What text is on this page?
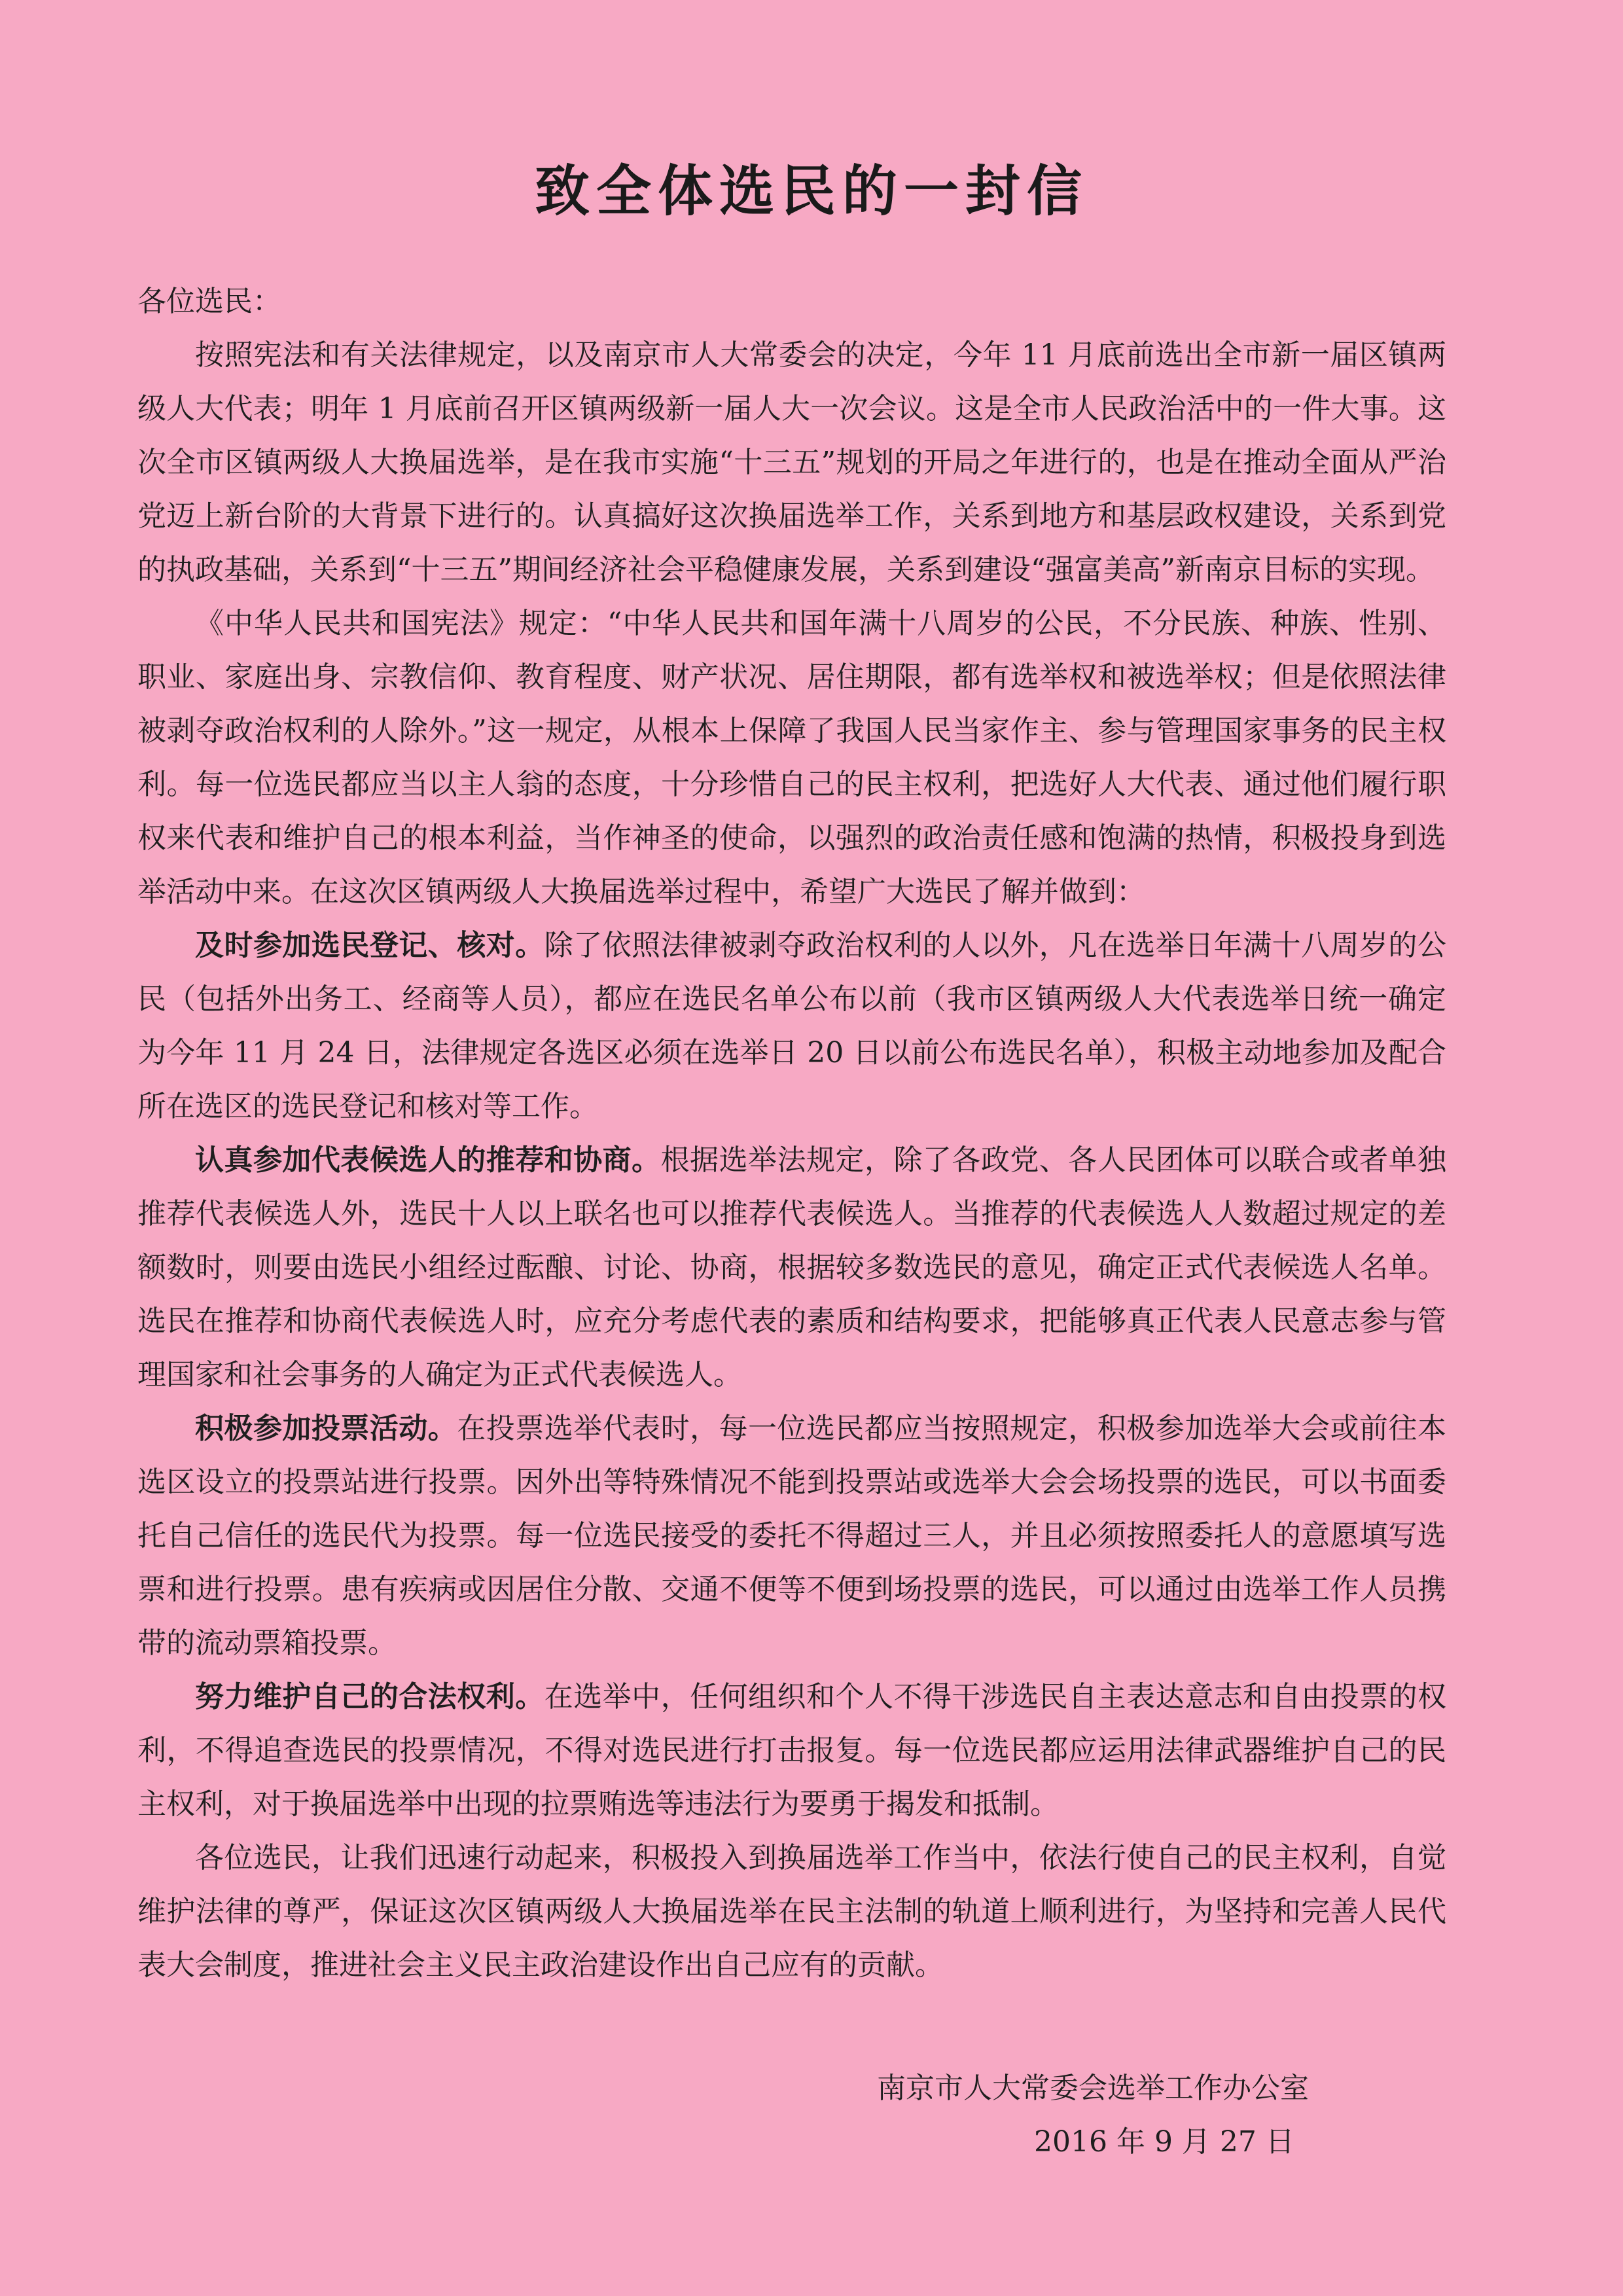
致全体选民的一封信

各位选民：

按照宪法和有关法律规定，以及南京市人大常委会的决定，今年 11 月底前选出全市新一届区镇两级人大代表；明年 1 月底前召开区镇两级新一届人大一次会议。这是全市人民政治活中的一件大事。这次全市区镇两级人大换届选举，是在我市实施“十三五”规划的开局之年进行的，也是在推动全面从严治党迈上新台阶的大背景下进行的。认真搞好这次换届选举工作，关系到地方和基层政权建设，关系到党的执政基础，关系到“十三五”期间经济社会平稳健康发展，关系到建设“强富美高”新南京目标的实现。

《中华人民共和国宪法》规定：“中华人民共和国年满十八周岁的公民，不分民族、种族、性别、职业、家庭出身、宗教信仰、教育程度、财产状况、居住期限，都有选举权和被选举权；但是依照法律被剥夺政治权利的人除外。”这一规定，从根本上保障了我国人民当家作主、参与管理国家事务的民主权利。每一位选民都应当以主人翁的态度，十分珍惜自己的民主权利，把选好人大代表、通过他们履行职权来代表和维护自己的根本利益，当作神圣的使命，以强烈的政治责任感和饱满的热情，积极投身到选举活动中来。在这次区镇两级人大换届选举过程中，希望广大选民了解并做到：

及时参加选民登记、核对。除了依照法律被剥夺政治权利的人以外，凡在选举日年满十八周岁的公民（包括外出务工、经商等人员），都应在选民名单公布以前（我市区镇两级人大代表选举日统一确定为今年 11 月 24 日，法律规定各选区必须在选举日 20 日以前公布选民名单），积极主动地参加及配合所在选区的选民登记和核对等工作。

认真参加代表候选人的推荐和协商。根据选举法规定，除了各政党、各人民团体可以联合或者单独推荐代表候选人外，选民十人以上联名也可以推荐代表候选人。当推荐的代表候选人人数超过规定的差额数时，则要由选民小组经过酝酿、讨论、协商，根据较多数选民的意见，确定正式代表候选人名单。选民在推荐和协商代表候选人时，应充分考虑代表的素质和结构要求，把能够真正代表人民意志参与管理国家和社会事务的人确定为正式代表候选人。

积极参加投票活动。在投票选举代表时，每一位选民都应当按照规定，积极参加选举大会或前往本选区设立的投票站进行投票。因外出等特殊情况不能到投票站或选举大会会场投票的选民，可以书面委托自己信任的选民代为投票。每一位选民接受的委托不得超过三人，并且必须按照委托人的意愿填写选票和进行投票。患有疾病或因居住分散、交通不便等不便到场投票的选民，可以通过由选举工作人员携带的流动票箱投票。

努力维护自己的合法权利。在选举中，任何组织和个人不得干涉选民自主表达意志和自由投票的权利，不得追查选民的投票情况，不得对选民进行打击报复。每一位选民都应运用法律武器维护自己的民主权利，对于换届选举中出现的拉票贿选等违法行为要勇于揭发和抵制。

各位选民，让我们迅速行动起来，积极投入到换届选举工作当中，依法行使自己的民主权利，自觉维护法律的尊严，保证这次区镇两级人大换届选举在民主法制的轨道上顺利进行，为坚持和完善人民代表大会制度，推进社会主义民主政治建设作出自己应有的贡献。

南京市人大常委会选举工作办公室
2016 年 9 月 27 日
